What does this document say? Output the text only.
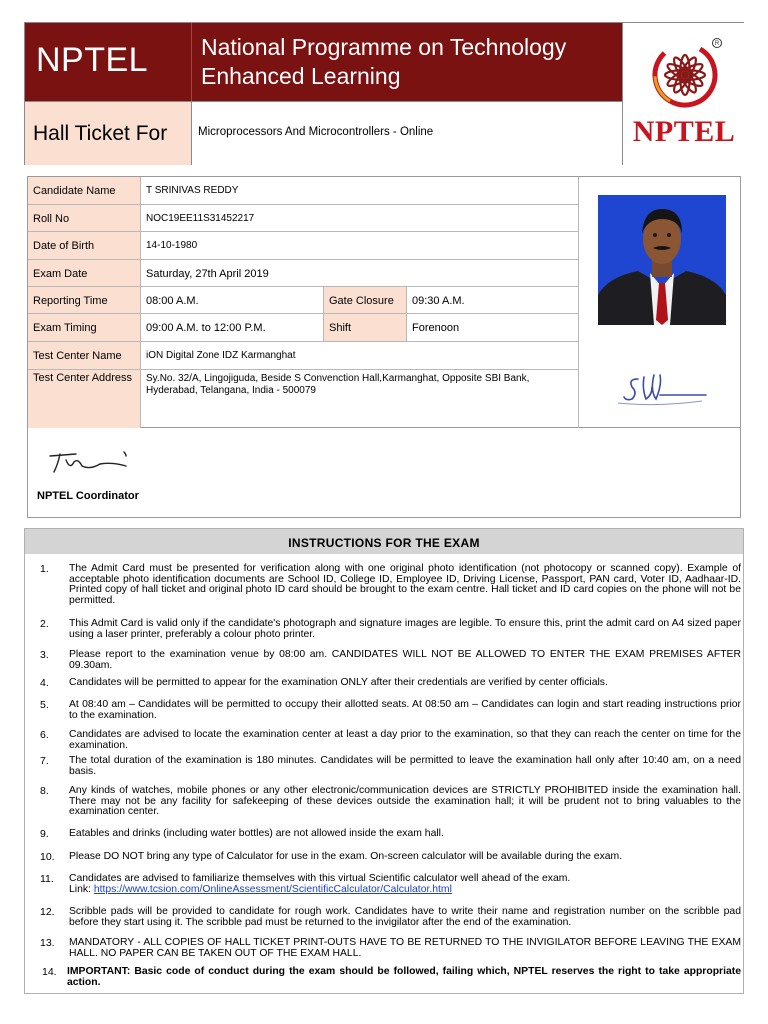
NPTEL	National Programme on Technology
Enhanced Learning
R
NPTEL
Hall Ticket For	Microprocessors And Microcontrollers - Online
Candidate Name	T SRINIVAS REDDY
Roll No	NOC19EE11S31452217
Date of Birth	14-10-1980
Exam Date	Saturday, 27th April 2019
Reporting Time	08:00 A.M.	Gate Closure	09:30 A.M.
Exam Timing	09:00 A.M. to 12:00 P.M.	Shift	Forenoon
Test Center Name	iON Digital Zone IDZ Karmanghat
Test Center Address	Sy.No. 32/A, Lingojiguda, Beside S Convenction Hall,Karmanghat, Opposite SBI Bank,
Hyderabad, Telangana, India - 500079
NPTEL Coordinator
INSTRUCTIONS FOR THE EXAM
1. The Admit Card must be presented for verification along with one original photo identification (not photocopy or scanned copy). Example of acceptable photo identification documents are School ID, College ID, Employee ID, Driving License, Passport, PAN card, Voter ID, Aadhaar-ID. Printed copy of hall ticket and original photo ID card should be brought to the exam centre. Hall ticket and ID card copies on the phone will not be permitted.
2. This Admit Card is valid only if the candidate's photograph and signature images are legible. To ensure this, print the admit card on A4 sized paper using a laser printer, preferably a colour photo printer.
3. Please report to the examination venue by 08:00 am. CANDIDATES WILL NOT BE ALLOWED TO ENTER THE EXAM PREMISES AFTER 09.30am.
4. Candidates will be permitted to appear for the examination ONLY after their credentials are verified by center officials.
5. At 08:40 am – Candidates will be permitted to occupy their allotted seats. At 08:50 am – Candidates can login and start reading instructions prior to the examination.
6. Candidates are advised to locate the examination center at least a day prior to the examination, so that they can reach the center on time for the examination.
7. The total duration of the examination is 180 minutes. Candidates will be permitted to leave the examination hall only after 10:40 am, on a need basis.
8. Any kinds of watches, mobile phones or any other electronic/communication devices are STRICTLY PROHIBITED inside the examination hall. There may not be any facility for safekeeping of these devices outside the examination hall; it will be prudent not to bring valuables to the examination center.
9. Eatables and drinks (including water bottles) are not allowed inside the exam hall.
10. Please DO NOT bring any type of Calculator for use in the exam. On-screen calculator will be available during the exam.
11. Candidates are advised to familiarize themselves with this virtual Scientific calculator well ahead of the exam.
Link: https://www.tcsion.com/OnlineAssessment/ScientificCalculator/Calculator.html
12. Scribble pads will be provided to candidate for rough work. Candidates have to write their name and registration number on the scribble pad before they start using it. The scribble pad must be returned to the invigilator after the end of the examination.
13. MANDATORY - ALL COPIES OF HALL TICKET PRINT-OUTS HAVE TO BE RETURNED TO THE INVIGILATOR BEFORE LEAVING THE EXAM HALL. NO PAPER CAN BE TAKEN OUT OF THE EXAM HALL.
14. IMPORTANT: Basic code of conduct during the exam should be followed, failing which, NPTEL reserves the right to take appropriate action.
